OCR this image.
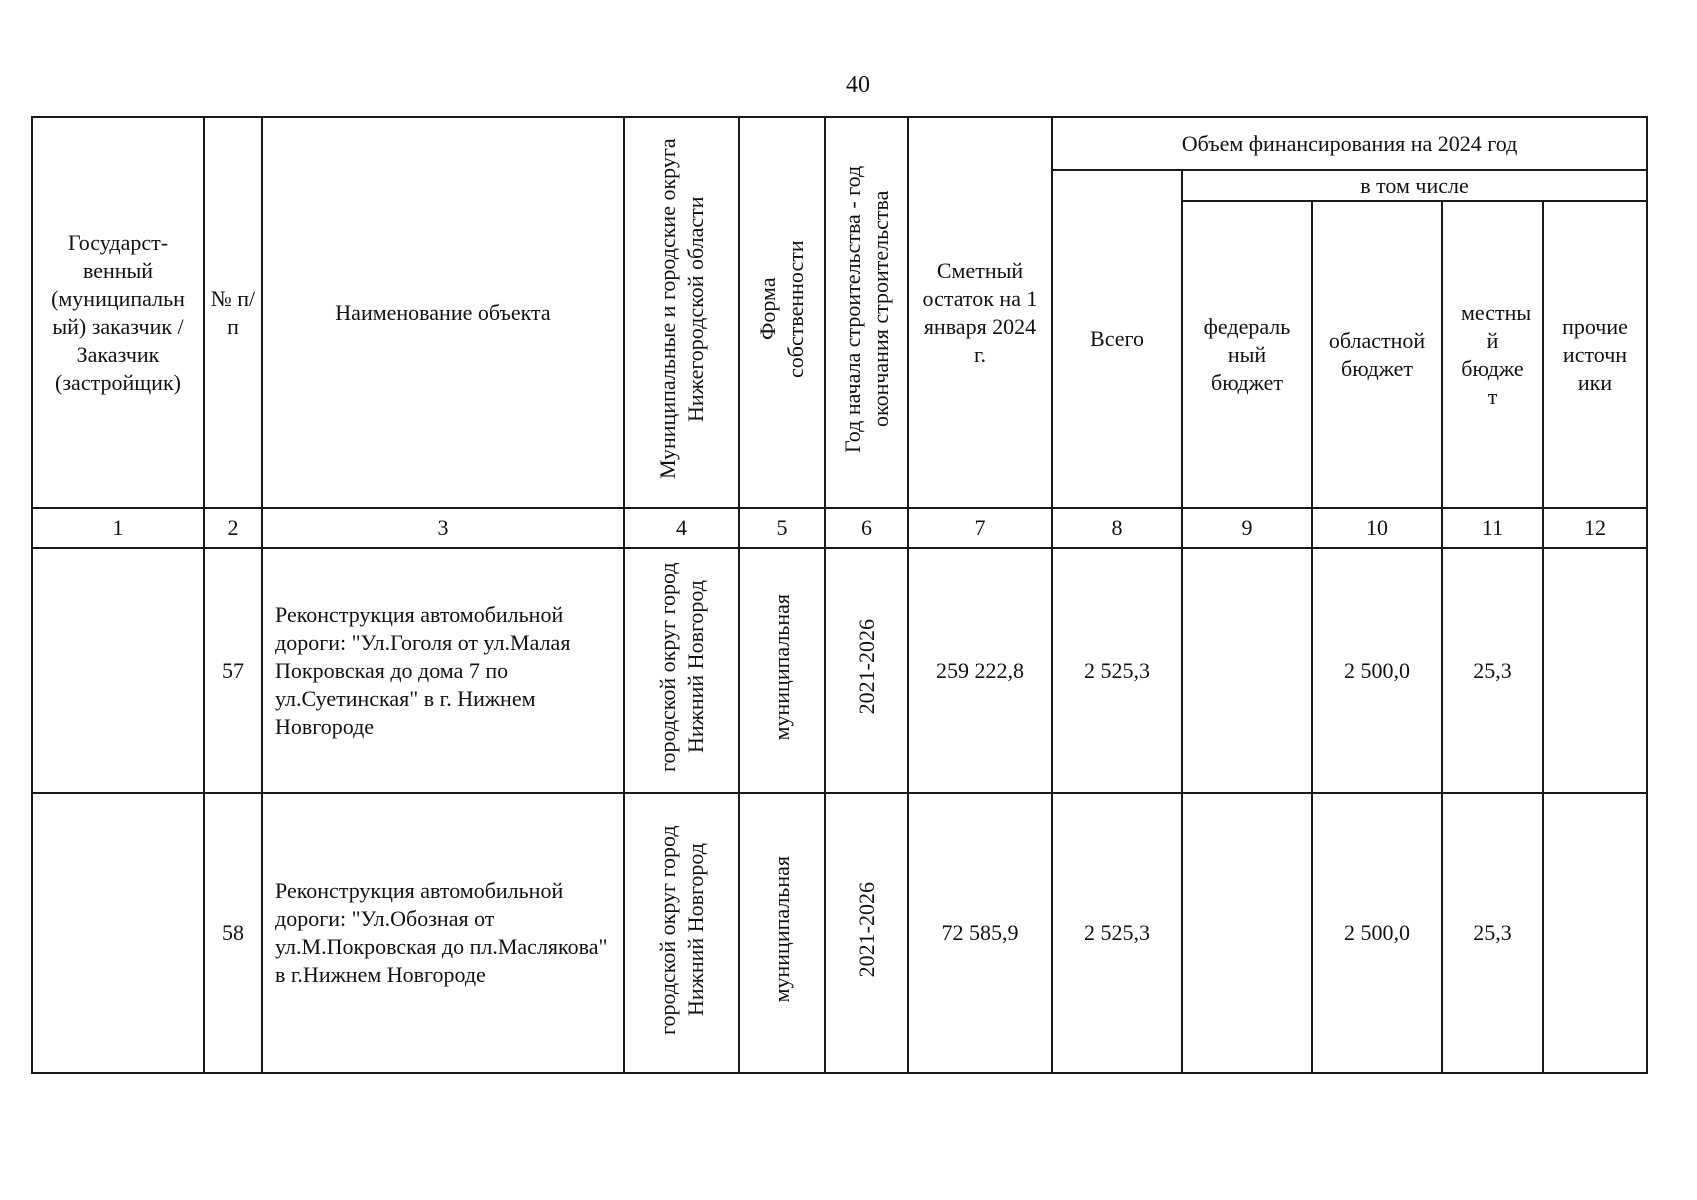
40
Государст-венный (муниципальн ый) заказчик / Заказчик (застройщик)	№ п/п	Наименование объекта	Муниципальные и городские округа Нижегородской области	Форма собственности	Год начала строительства - год окончания строительства	Сметный остаток на 1 января 2024 г.	Объем финансирования на 2024 год				
							Всего	в том числе			

								федераль ный бюджет	областной бюджет	местны й бюдже т	прочие источн ики

1	2	3	4	5	6	7	8	9	10	11	12
	57	Реконструкция автомобильной дороги: "Ул.Гоголя от ул.Малая Покровская до дома 7 по ул.Суетинская" в г. Нижнем Новгороде	городской округ город Нижний Новгород	муниципальная	2021-2026	259 222,8	2 525,3		2 500,0	25,3	
	58	Реконструкция автомобильной дороги: "Ул.Обозная от ул.М.Покровская до пл.Маслякова" в г.Нижнем Новгороде	городской округ город Нижний Новгород	муниципальная	2021-2026	72 585,9	2 525,3		2 500,0	25,3	
